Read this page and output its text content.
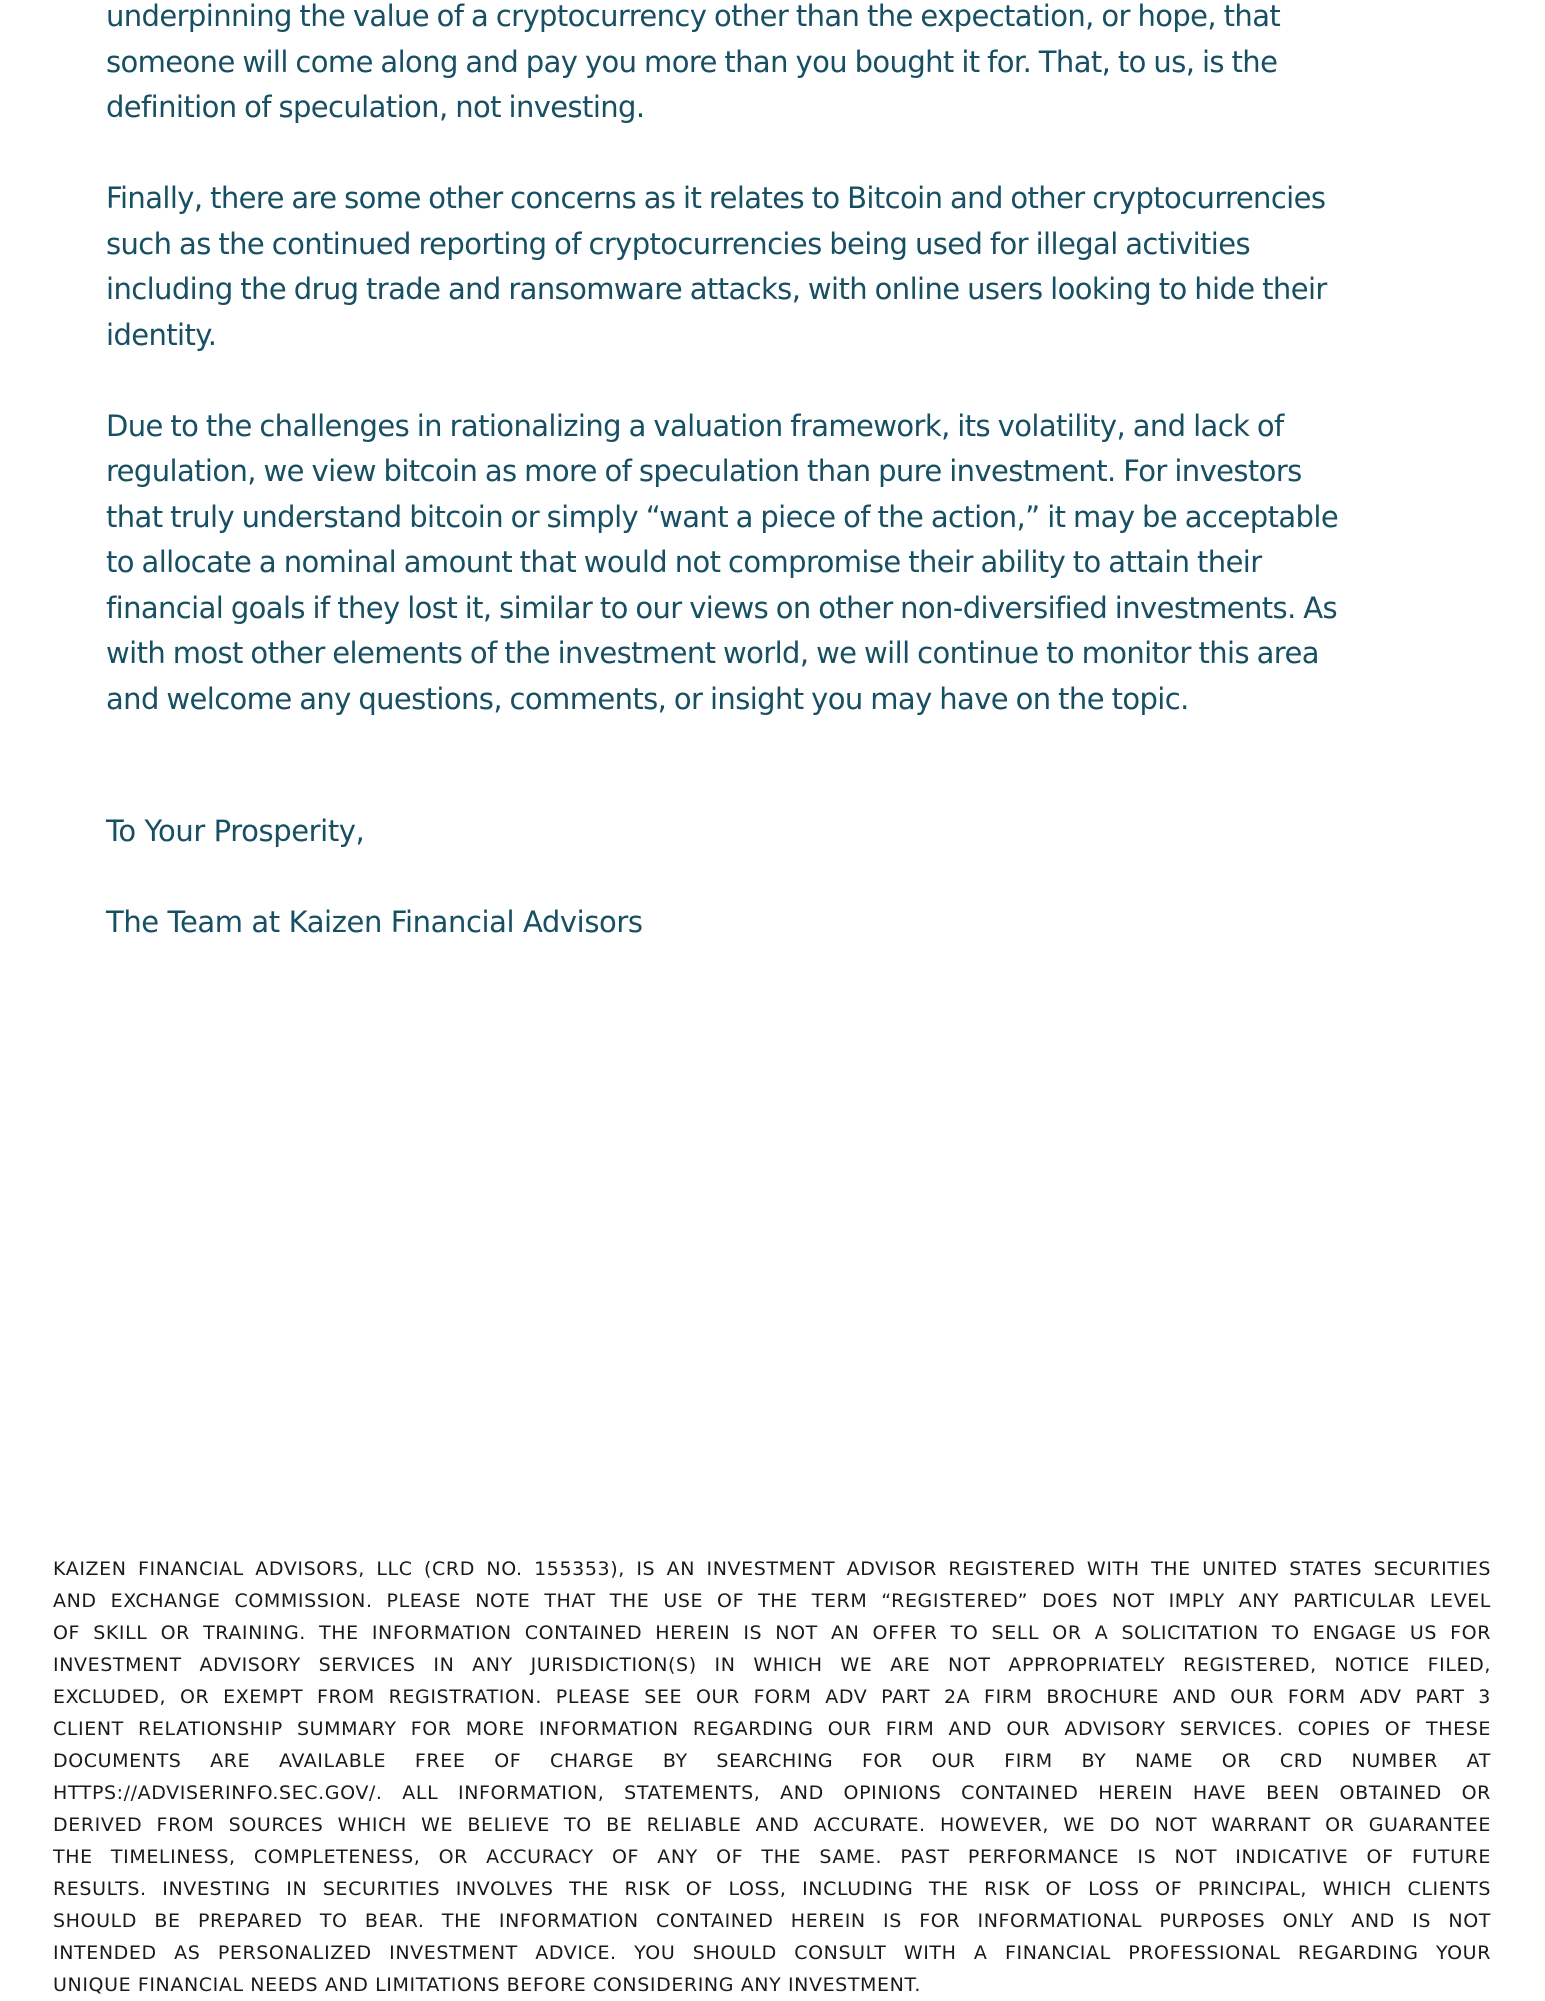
underpinning the value of a cryptocurrency other than the expectation, or hope, that
someone will come along and pay you more than you bought it for. That, to us, is the
definition of speculation, not investing.

Finally, there are some other concerns as it relates to Bitcoin and other cryptocurrencies
such as the continued reporting of cryptocurrencies being used for illegal activities
including the drug trade and ransomware attacks, with online users looking to hide their
identity.

Due to the challenges in rationalizing a valuation framework, its volatility, and lack of
regulation, we view bitcoin as more of speculation than pure investment. For investors
that truly understand bitcoin or simply “want a piece of the action,” it may be acceptable
to allocate a nominal amount that would not compromise their ability to attain their
financial goals if they lost it, similar to our views on other non-diversified investments. As
with most other elements of the investment world, we will continue to monitor this area
and welcome any questions, comments, or insight you may have on the topic.

To Your Prosperity,
The Team at Kaizen Financial Advisors
KAIZEN FINANCIAL ADVISORS, LLC (CRD NO. 155353), IS AN INVESTMENT ADVISOR REGISTERED WITH THE UNITED STATES SECURITIES
AND EXCHANGE COMMISSION. PLEASE NOTE THAT THE USE OF THE TERM “REGISTERED” DOES NOT IMPLY ANY PARTICULAR LEVEL
OF SKILL OR TRAINING. THE INFORMATION CONTAINED HEREIN IS NOT AN OFFER TO SELL OR A SOLICITATION TO ENGAGE US FOR
INVESTMENT ADVISORY SERVICES IN ANY JURISDICTION(S) IN WHICH WE ARE NOT APPROPRIATELY REGISTERED, NOTICE FILED,
EXCLUDED, OR EXEMPT FROM REGISTRATION. PLEASE SEE OUR FORM ADV PART 2A FIRM BROCHURE AND OUR FORM ADV PART 3
CLIENT RELATIONSHIP SUMMARY FOR MORE INFORMATION REGARDING OUR FIRM AND OUR ADVISORY SERVICES. COPIES OF THESE
DOCUMENTS ARE AVAILABLE FREE OF CHARGE BY SEARCHING FOR OUR FIRM BY NAME OR CRD NUMBER AT
HTTPS://ADVISERINFO.SEC.GOV/. ALL INFORMATION, STATEMENTS, AND OPINIONS CONTAINED HEREIN HAVE BEEN OBTAINED OR
DERIVED FROM SOURCES WHICH WE BELIEVE TO BE RELIABLE AND ACCURATE. HOWEVER, WE DO NOT WARRANT OR GUARANTEE
THE TIMELINESS, COMPLETENESS, OR ACCURACY OF ANY OF THE SAME. PAST PERFORMANCE IS NOT INDICATIVE OF FUTURE
RESULTS. INVESTING IN SECURITIES INVOLVES THE RISK OF LOSS, INCLUDING THE RISK OF LOSS OF PRINCIPAL, WHICH CLIENTS
SHOULD BE PREPARED TO BEAR. THE INFORMATION CONTAINED HEREIN IS FOR INFORMATIONAL PURPOSES ONLY AND IS NOT
INTENDED AS PERSONALIZED INVESTMENT ADVICE. YOU SHOULD CONSULT WITH A FINANCIAL PROFESSIONAL REGARDING YOUR
UNIQUE FINANCIAL NEEDS AND LIMITATIONS BEFORE CONSIDERING ANY INVESTMENT.
